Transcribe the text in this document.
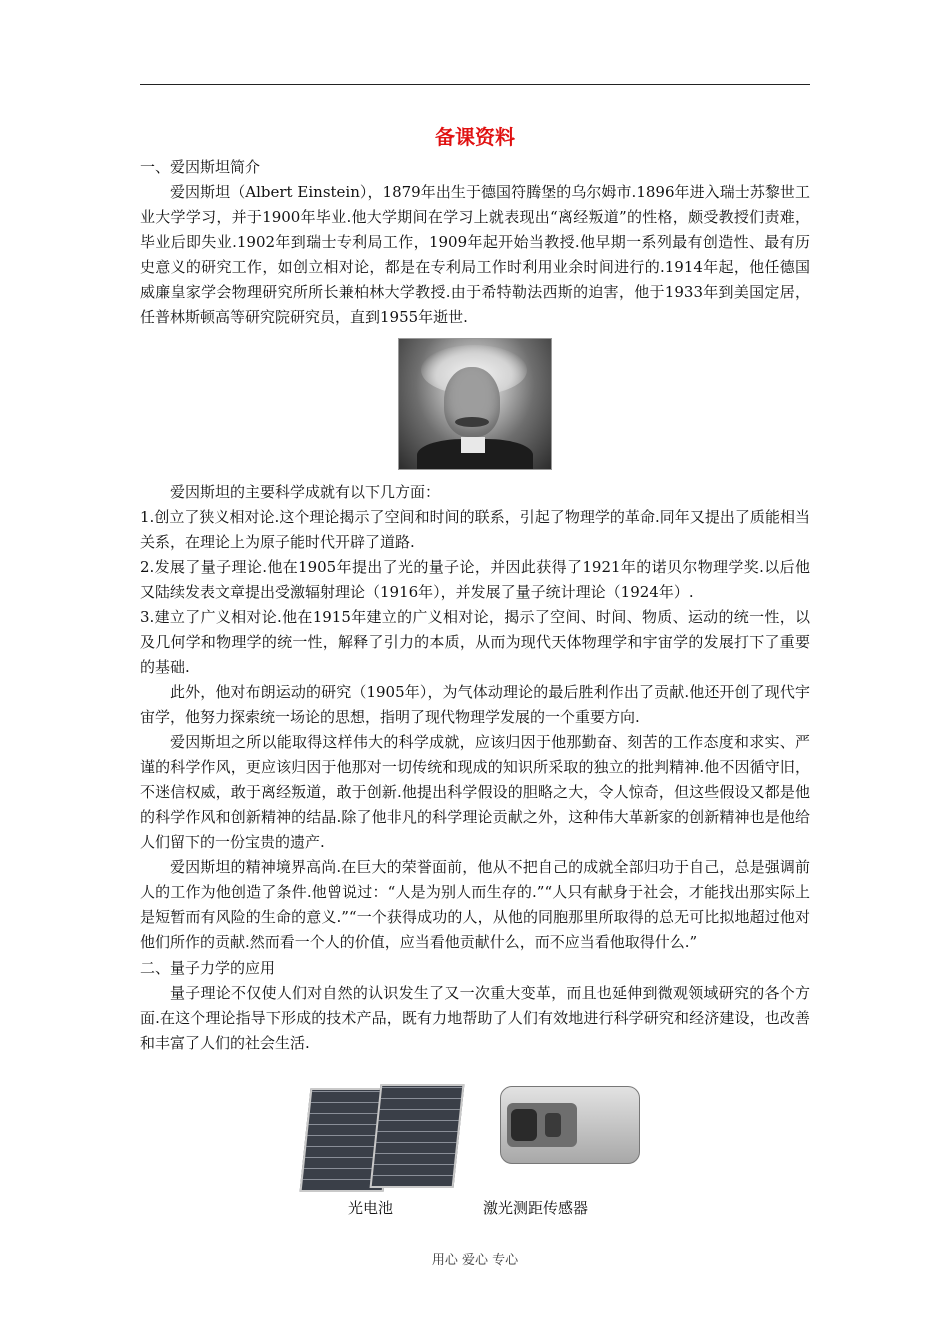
备课资料
一、爱因斯坦简介

爱因斯坦（Albert Einstein），1879年出生于德国符腾堡的乌尔姆市.1896年进入瑞士苏黎世工业大学学习，并于1900年毕业.他大学期间在学习上就表现出“离经叛道”的性格，颇受教授们责难，毕业后即失业.1902年到瑞士专利局工作，1909年起开始当教授.他早期一系列最有创造性、最有历史意义的研究工作，如创立相对论，都是在专利局工作时利用业余时间进行的.1914年起，他任德国威廉皇家学会物理研究所所长兼柏林大学教授.由于希特勒法西斯的迫害，他于1933年到美国定居，任普林斯顿高等研究院研究员，直到1955年逝世.

爱因斯坦的主要科学成就有以下几方面：

1.创立了狭义相对论.这个理论揭示了空间和时间的联系，引起了物理学的革命.同年又提出了质能相当关系，在理论上为原子能时代开辟了道路.

2.发展了量子理论.他在1905年提出了光的量子论，并因此获得了1921年的诺贝尔物理学奖.以后他又陆续发表文章提出受激辐射理论（1916年），并发展了量子统计理论（1924年）.

3.建立了广义相对论.他在1915年建立的广义相对论，揭示了空间、时间、物质、运动的统一性，以及几何学和物理学的统一性，解释了引力的本质，从而为现代天体物理学和宇宙学的发展打下了重要的基础.

此外，他对布朗运动的研究（1905年），为气体动理论的最后胜利作出了贡献.他还开创了现代宇宙学，他努力探索统一场论的思想，指明了现代物理学发展的一个重要方向.

爱因斯坦之所以能取得这样伟大的科学成就，应该归因于他那勤奋、刻苦的工作态度和求实、严谨的科学作风，更应该归因于他那对一切传统和现成的知识所采取的独立的批判精神.他不因循守旧，不迷信权威，敢于离经叛道，敢于创新.他提出科学假设的胆略之大，令人惊奇，但这些假设又都是他的科学作风和创新精神的结晶.除了他非凡的科学理论贡献之外，这种伟大革新家的创新精神也是他给人们留下的一份宝贵的遗产.

爱因斯坦的精神境界高尚.在巨大的荣誉面前，他从不把自己的成就全部归功于自己，总是强调前人的工作为他创造了条件.他曾说过：“人是为别人而生存的.”“人只有献身于社会，才能找出那实际上是短暂而有风险的生命的意义.”“一个获得成功的人，从他的同胞那里所取得的总无可比拟地超过他对他们所作的贡献.然而看一个人的价值，应当看他贡献什么，而不应当看他取得什么.”

二、量子力学的应用

量子理论不仅使人们对自然的认识发生了又一次重大变革，而且也延伸到微观领域研究的各个方面.在这个理论指导下形成的技术产品，既有力地帮助了人们有效地进行科学研究和经济建设，也改善和丰富了人们的社会生活.

光电池	激光测距传感器
用心 爱心 专心
